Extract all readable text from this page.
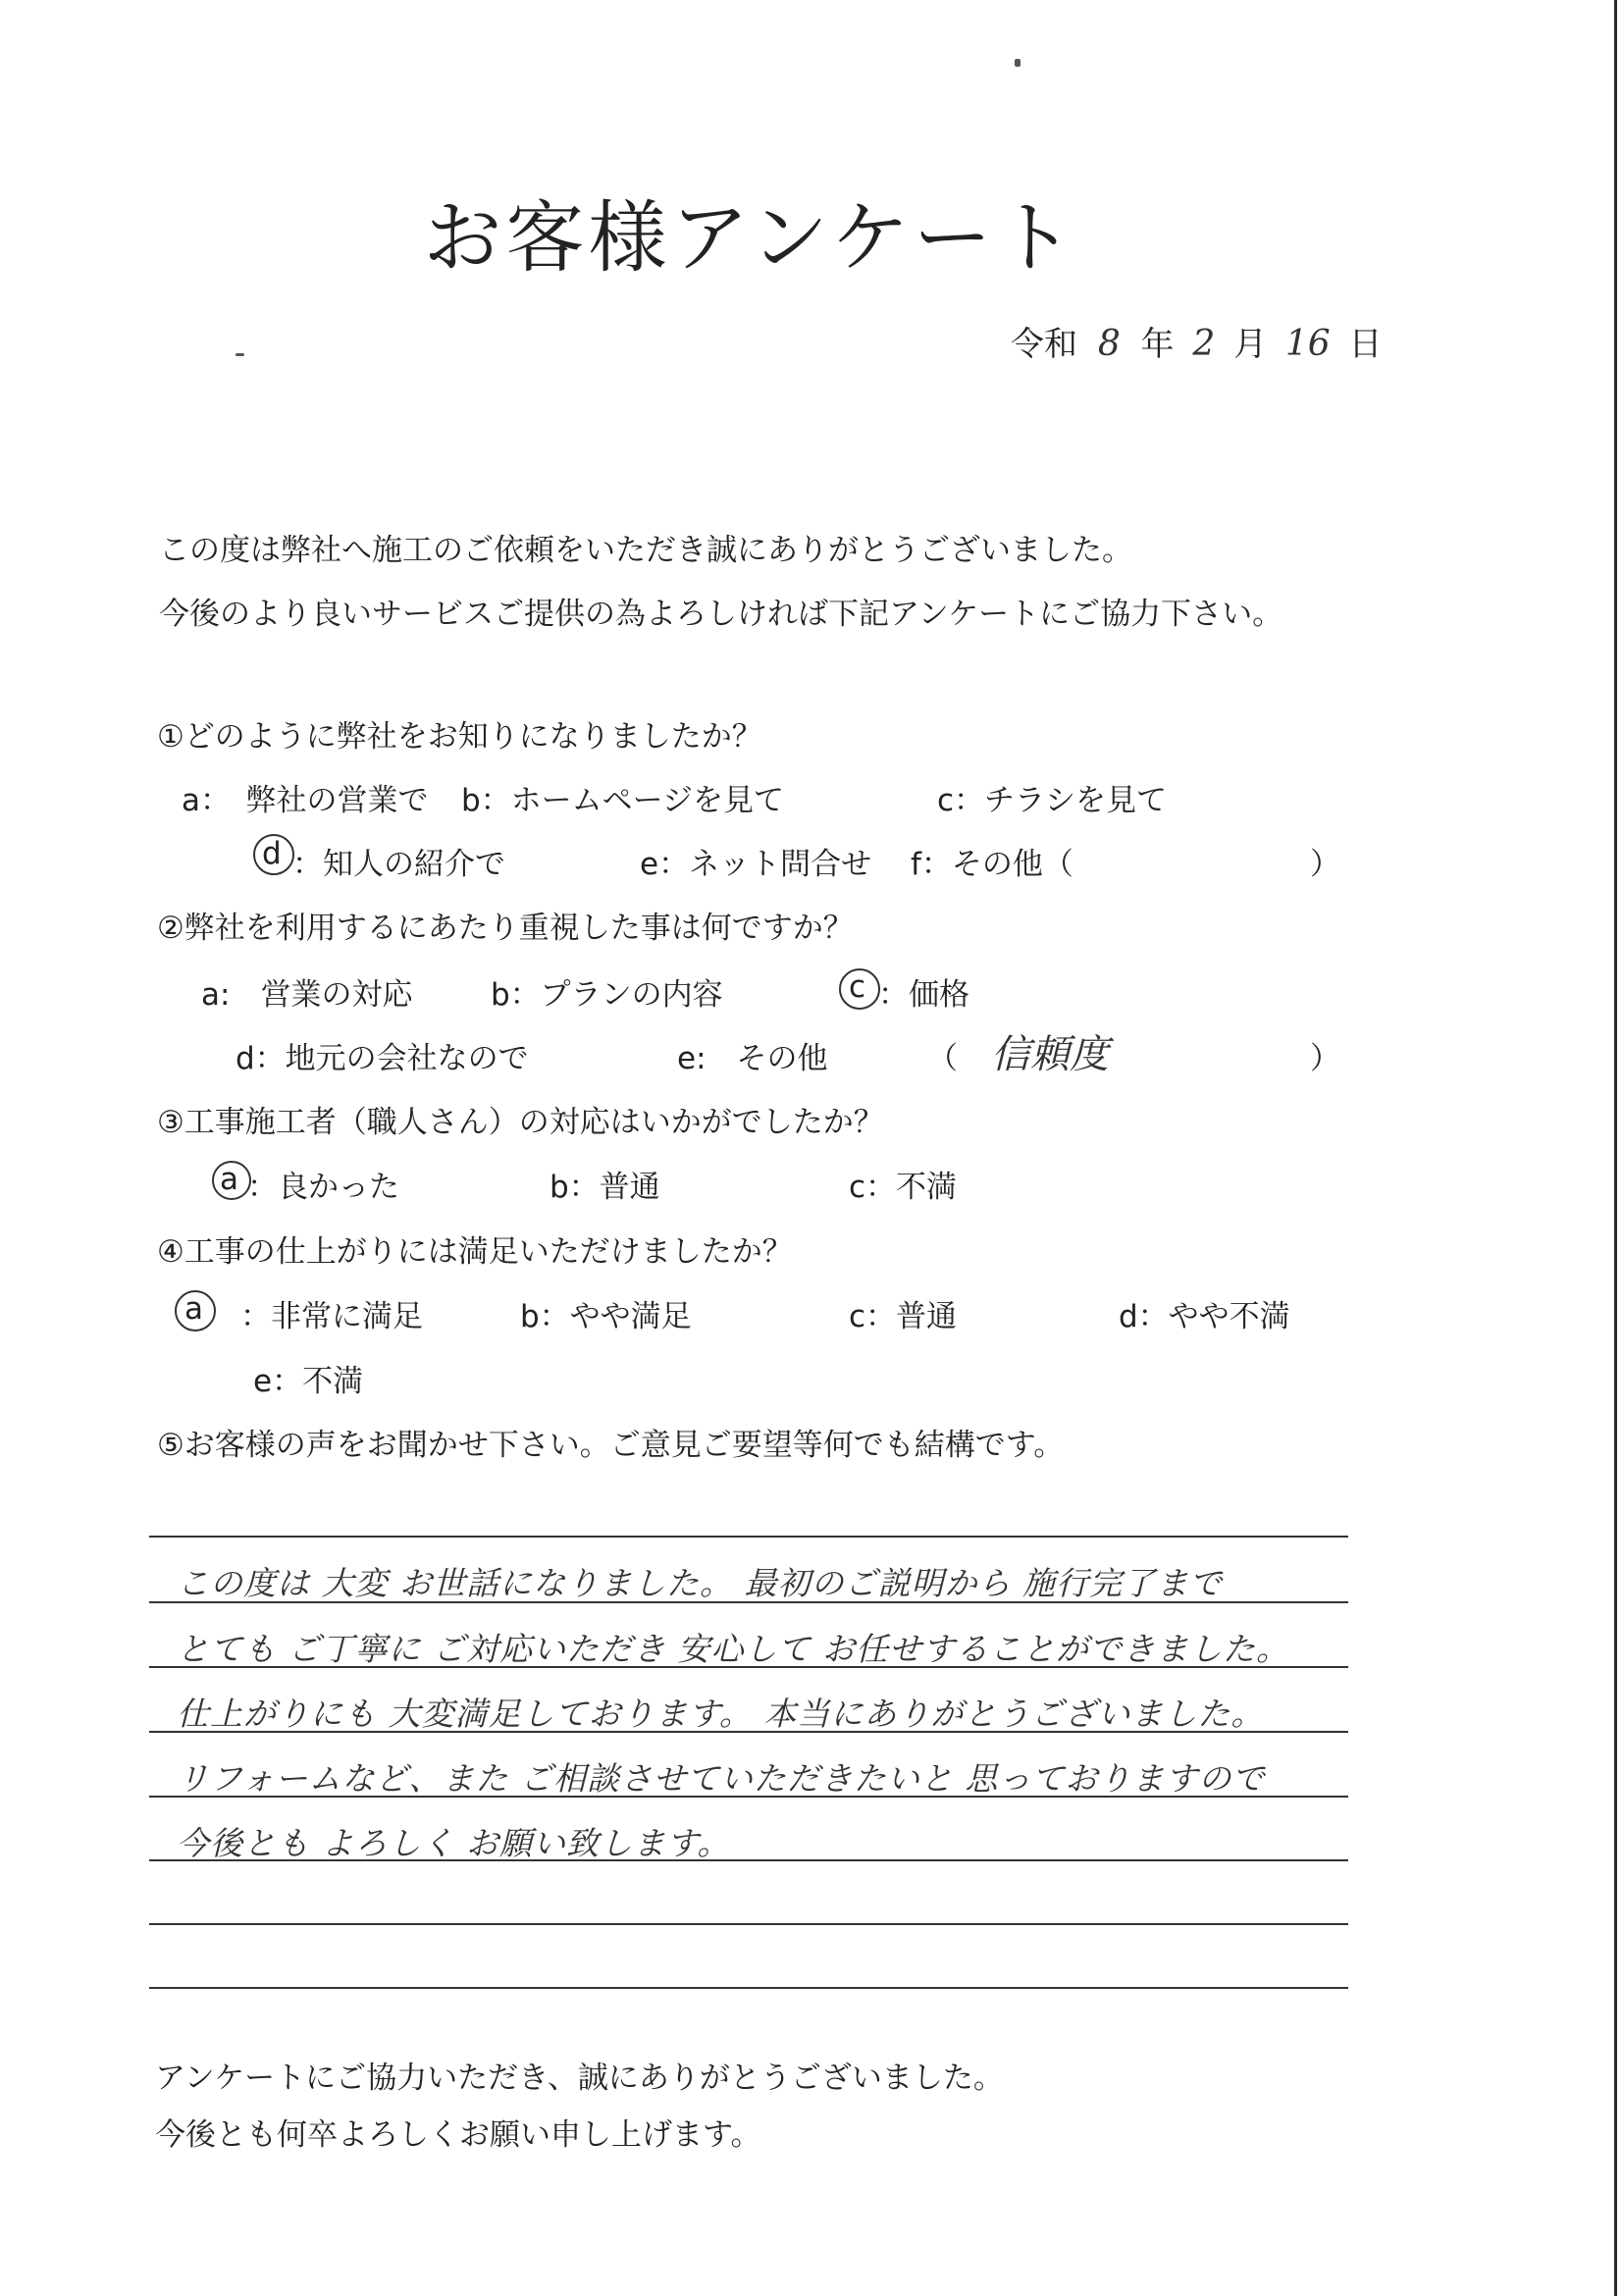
お客様アンケート
令和 8 年 2 月 16 日
この度は弊社へ施工のご依頼をいただき誠にありがとうございました。
今後のより良いサービスご提供の為よろしければ下記アンケートにご協力下さい。
①どのように弊社をお知りになりましたか？
a：　弊社の営業で b：ホームページを見て	c：チラシを見て
d ：知人の紹介で	e：ネット問合せ f：その他（	）
②弊社を利用するにあたり重視した事は何ですか？
a:　営業の対応	b：プランの内容	c ：価格
d：地元の会社なので	e:　その他	（ 信頼度	）
③工事施工者（職人さん）の対応はいかがでしたか？
a ：良かった	b：普通	c：不満
④工事の仕上がりには満足いただけましたか？
a ：非常に満足	b：やや満足	c：普通	d：やや不満
e：不満
⑤お客様の声をお聞かせ下さい。ご意見ご要望等何でも結構です。
この度は 大変 お世話になりました。 最初のご説明から 施行完了まで
とても ご丁寧に ご対応いただき 安心して お任せすることができました。
仕上がりにも 大変満足しております。 本当にありがとうございました。
リフォームなど、また ご相談させていただきたいと 思っておりますので
今後とも よろしく お願い致します。
アンケートにご協力いただき、誠にありがとうございました。
今後とも何卒よろしくお願い申し上げます。
